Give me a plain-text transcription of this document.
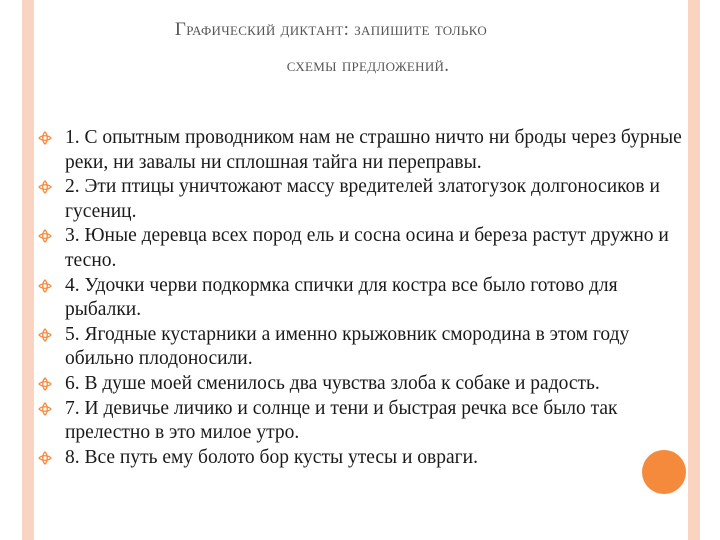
Графический диктант: запишите только
схемы предложений.
1. С опытным проводником нам не страшно ничто ни броды через бурные реки, ни завалы ни сплошная тайга ни переправы.
2. Эти птицы уничтожают массу вредителей златогузок долгоносиков и гусениц.
3. Юные деревца всех пород ель и сосна осина и береза растут дружно и тесно.
4. Удочки черви подкормка спички для костра все было готово для рыбалки.
5. Ягодные кустарники а именно крыжовник смородина в этом году обильно плодоносили.
6. В душе моей сменилось два чувства злоба к собаке и радость.
7. И девичье личико и солнце и тени и быстрая речка все было так прелестно в это милое утро.
8. Все путь ему болото бор кусты утесы и овраги.
